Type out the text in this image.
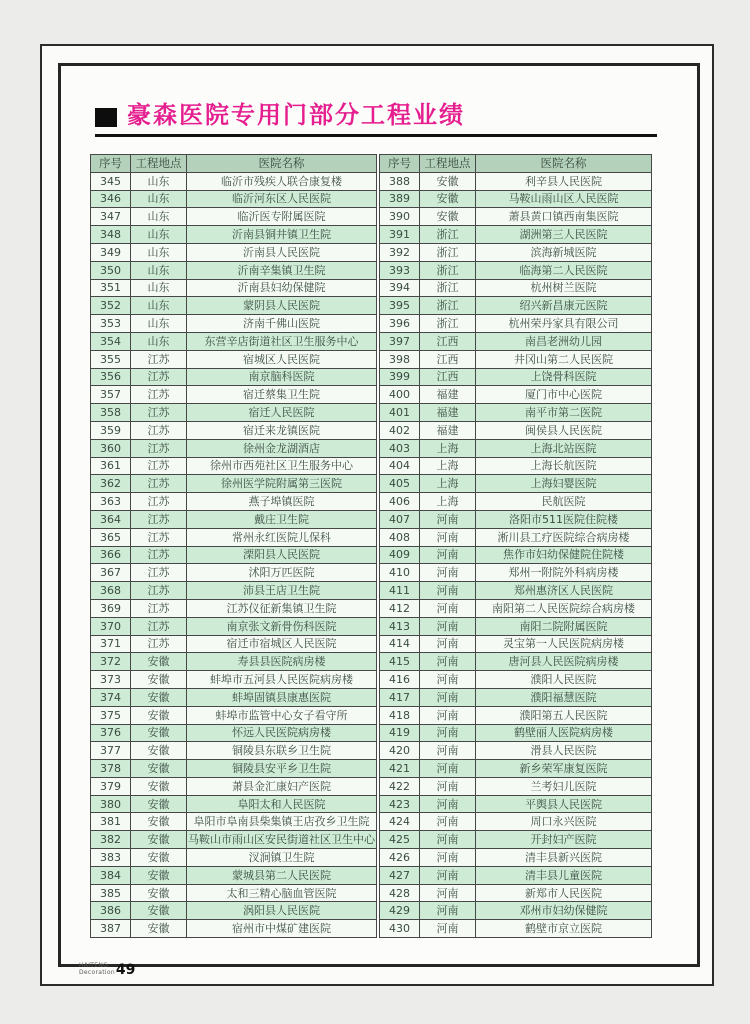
豪森医院专用门部分工程业绩
序号	工程地点	医院名称
345	山东	临沂市残疾人联合康复楼
346	山东	临沂河东区人民医院
347	山东	临沂医专附属医院
348	山东	沂南县铜井镇卫生院
349	山东	沂南县人民医院
350	山东	沂南辛集镇卫生院
351	山东	沂南县妇幼保健院
352	山东	蒙阴县人民医院
353	山东	济南千佛山医院
354	山东	东营辛店街道社区卫生服务中心
355	江苏	宿城区人民医院
356	江苏	南京脑科医院
357	江苏	宿迁蔡集卫生院
358	江苏	宿迁人民医院
359	江苏	宿迁来龙镇医院
360	江苏	徐州金龙湖酒店
361	江苏	徐州市西苑社区卫生服务中心
362	江苏	徐州医学院附属第三医院
363	江苏	燕子埠镇医院
364	江苏	戴庄卫生院
365	江苏	常州永红医院儿保科
366	江苏	溧阳县人民医院
367	江苏	沭阳万匹医院
368	江苏	沛县王店卫生院
369	江苏	江苏仪征新集镇卫生院
370	江苏	南京张文新骨伤科医院
371	江苏	宿迁市宿城区人民医院
372	安徽	寿县县医院病房楼
373	安徽	蚌埠市五河县人民医院病房楼
374	安徽	蚌埠固镇县康惠医院
375	安徽	蚌埠市监管中心女子看守所
376	安徽	怀远人民医院病房楼
377	安徽	铜陵县东联乡卫生院
378	安徽	铜陵县安平乡卫生院
379	安徽	萧县金汇康妇产医院
380	安徽	阜阳太和人民医院
381	安徽	阜阳市阜南县柴集镇王店孜乡卫生院
382	安徽	马鞍山市雨山区安民街道社区卫生中心
383	安徽	汊涧镇卫生院
384	安徽	蒙城县第二人民医院
385	安徽	太和三精心脑血管医院
386	安徽	涡阳县人民医院
387	安徽	宿州市中煤矿建医院
序号	工程地点	医院名称
388	安徽	利辛县人民医院
389	安徽	马鞍山雨山区人民医院
390	安徽	萧县黄口镇西南集医院
391	浙江	湖洲第三人民医院
392	浙江	滨海新城医院
393	浙江	临海第二人民医院
394	浙江	杭州树兰医院
395	浙江	绍兴新昌康元医院
396	浙江	杭州荣丹家具有限公司
397	江西	南昌老洲幼儿园
398	江西	井冈山第二人民医院
399	江西	上饶骨科医院
400	福建	厦门市中心医院
401	福建	南平市第二医院
402	福建	闽侯县人民医院
403	上海	上海北站医院
404	上海	上海长航医院
405	上海	上海妇婴医院
406	上海	民航医院
407	河南	洛阳市511医院住院楼
408	河南	淅川县工疗医院综合病房楼
409	河南	焦作市妇幼保健院住院楼
410	河南	郑州一附院外科病房楼
411	河南	郑州惠济区人民医院
412	河南	南阳第二人民医院综合病房楼
413	河南	南阳二院附属医院
414	河南	灵宝第一人民医院病房楼
415	河南	唐河县人民医院病房楼
416	河南	濮阳人民医院
417	河南	濮阳福慧医院
418	河南	濮阳第五人民医院
419	河南	鹤壁丽人医院病房楼
420	河南	滑县人民医院
421	河南	新乡荣军康复医院
422	河南	兰考妇儿医院
423	河南	平舆县人民医院
424	河南	周口永兴医院
425	河南	开封妇产医院
426	河南	清丰县新兴医院
427	河南	清丰县儿童医院
428	河南	新郑市人民医院
429	河南	邓州市妇幼保健院
430	河南	鹤壁市京立医院
HAITENG
Decoration 49
